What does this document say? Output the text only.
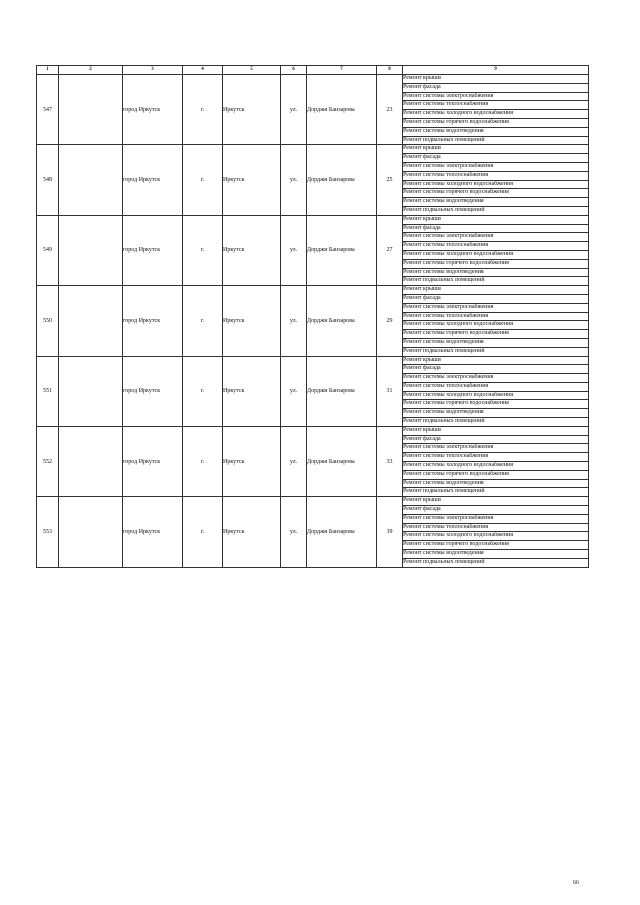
1	2	3	4	5	6	7	8	9
547		город Иркутск	г.	Иркутск	ул.	Дорджи Банзарова	23	Ремонт крыши
								Ремонт фасада
								Ремонт системы электроснабжения
								Ремонт системы теплоснабжения
								Ремонт системы холодного водоснабжения
								Ремонт системы горячего водоснабжения
								Ремонт системы водоотведения
								Ремонт подвальных помещений
548		город Иркутск	г.	Иркутск	ул.	Дорджи Банзарова	25	Ремонт крыши
								Ремонт фасада
								Ремонт системы электроснабжения
								Ремонт системы теплоснабжения
								Ремонт системы холодного водоснабжения
								Ремонт системы горячего водоснабжения
								Ремонт системы водоотведения
								Ремонт подвальных помещений
549		город Иркутск	г.	Иркутск	ул.	Дорджи Банзарова	27	Ремонт крыши
								Ремонт фасада
								Ремонт системы электроснабжения
								Ремонт системы теплоснабжения
								Ремонт системы холодного водоснабжения
								Ремонт системы горячего водоснабжения
								Ремонт системы водоотведения
								Ремонт подвальных помещений
550		город Иркутск	г.	Иркутск	ул.	Дорджи Банзарова	29	Ремонт крыши
								Ремонт фасада
								Ремонт системы электроснабжения
								Ремонт системы теплоснабжения
								Ремонт системы холодного водоснабжения
								Ремонт системы горячего водоснабжения
								Ремонт системы водоотведения
								Ремонт подвальных помещений
551		город Иркутск	г.	Иркутск	ул.	Дорджи Банзарова	31	Ремонт крыши
								Ремонт фасада
								Ремонт системы электроснабжения
								Ремонт системы теплоснабжения
								Ремонт системы холодного водоснабжения
								Ремонт системы горячего водоснабжения
								Ремонт системы водоотведения
								Ремонт подвальных помещений
552		город Иркутск	г.	Иркутск	ул.	Дорджи Банзарова	33	Ремонт крыши
								Ремонт фасада
								Ремонт системы электроснабжения
								Ремонт системы теплоснабжения
								Ремонт системы холодного водоснабжения
								Ремонт системы горячего водоснабжения
								Ремонт системы водоотведения
								Ремонт подвальных помещений
553		город Иркутск	г.	Иркутск	ул.	Дорджи Банзарова	39	Ремонт крыши
								Ремонт фасада
								Ремонт системы электроснабжения
								Ремонт системы теплоснабжения
								Ремонт системы холодного водоснабжения
								Ремонт системы горячего водоснабжения
								Ремонт системы водоотведения
								Ремонт подвальных помещений
66
